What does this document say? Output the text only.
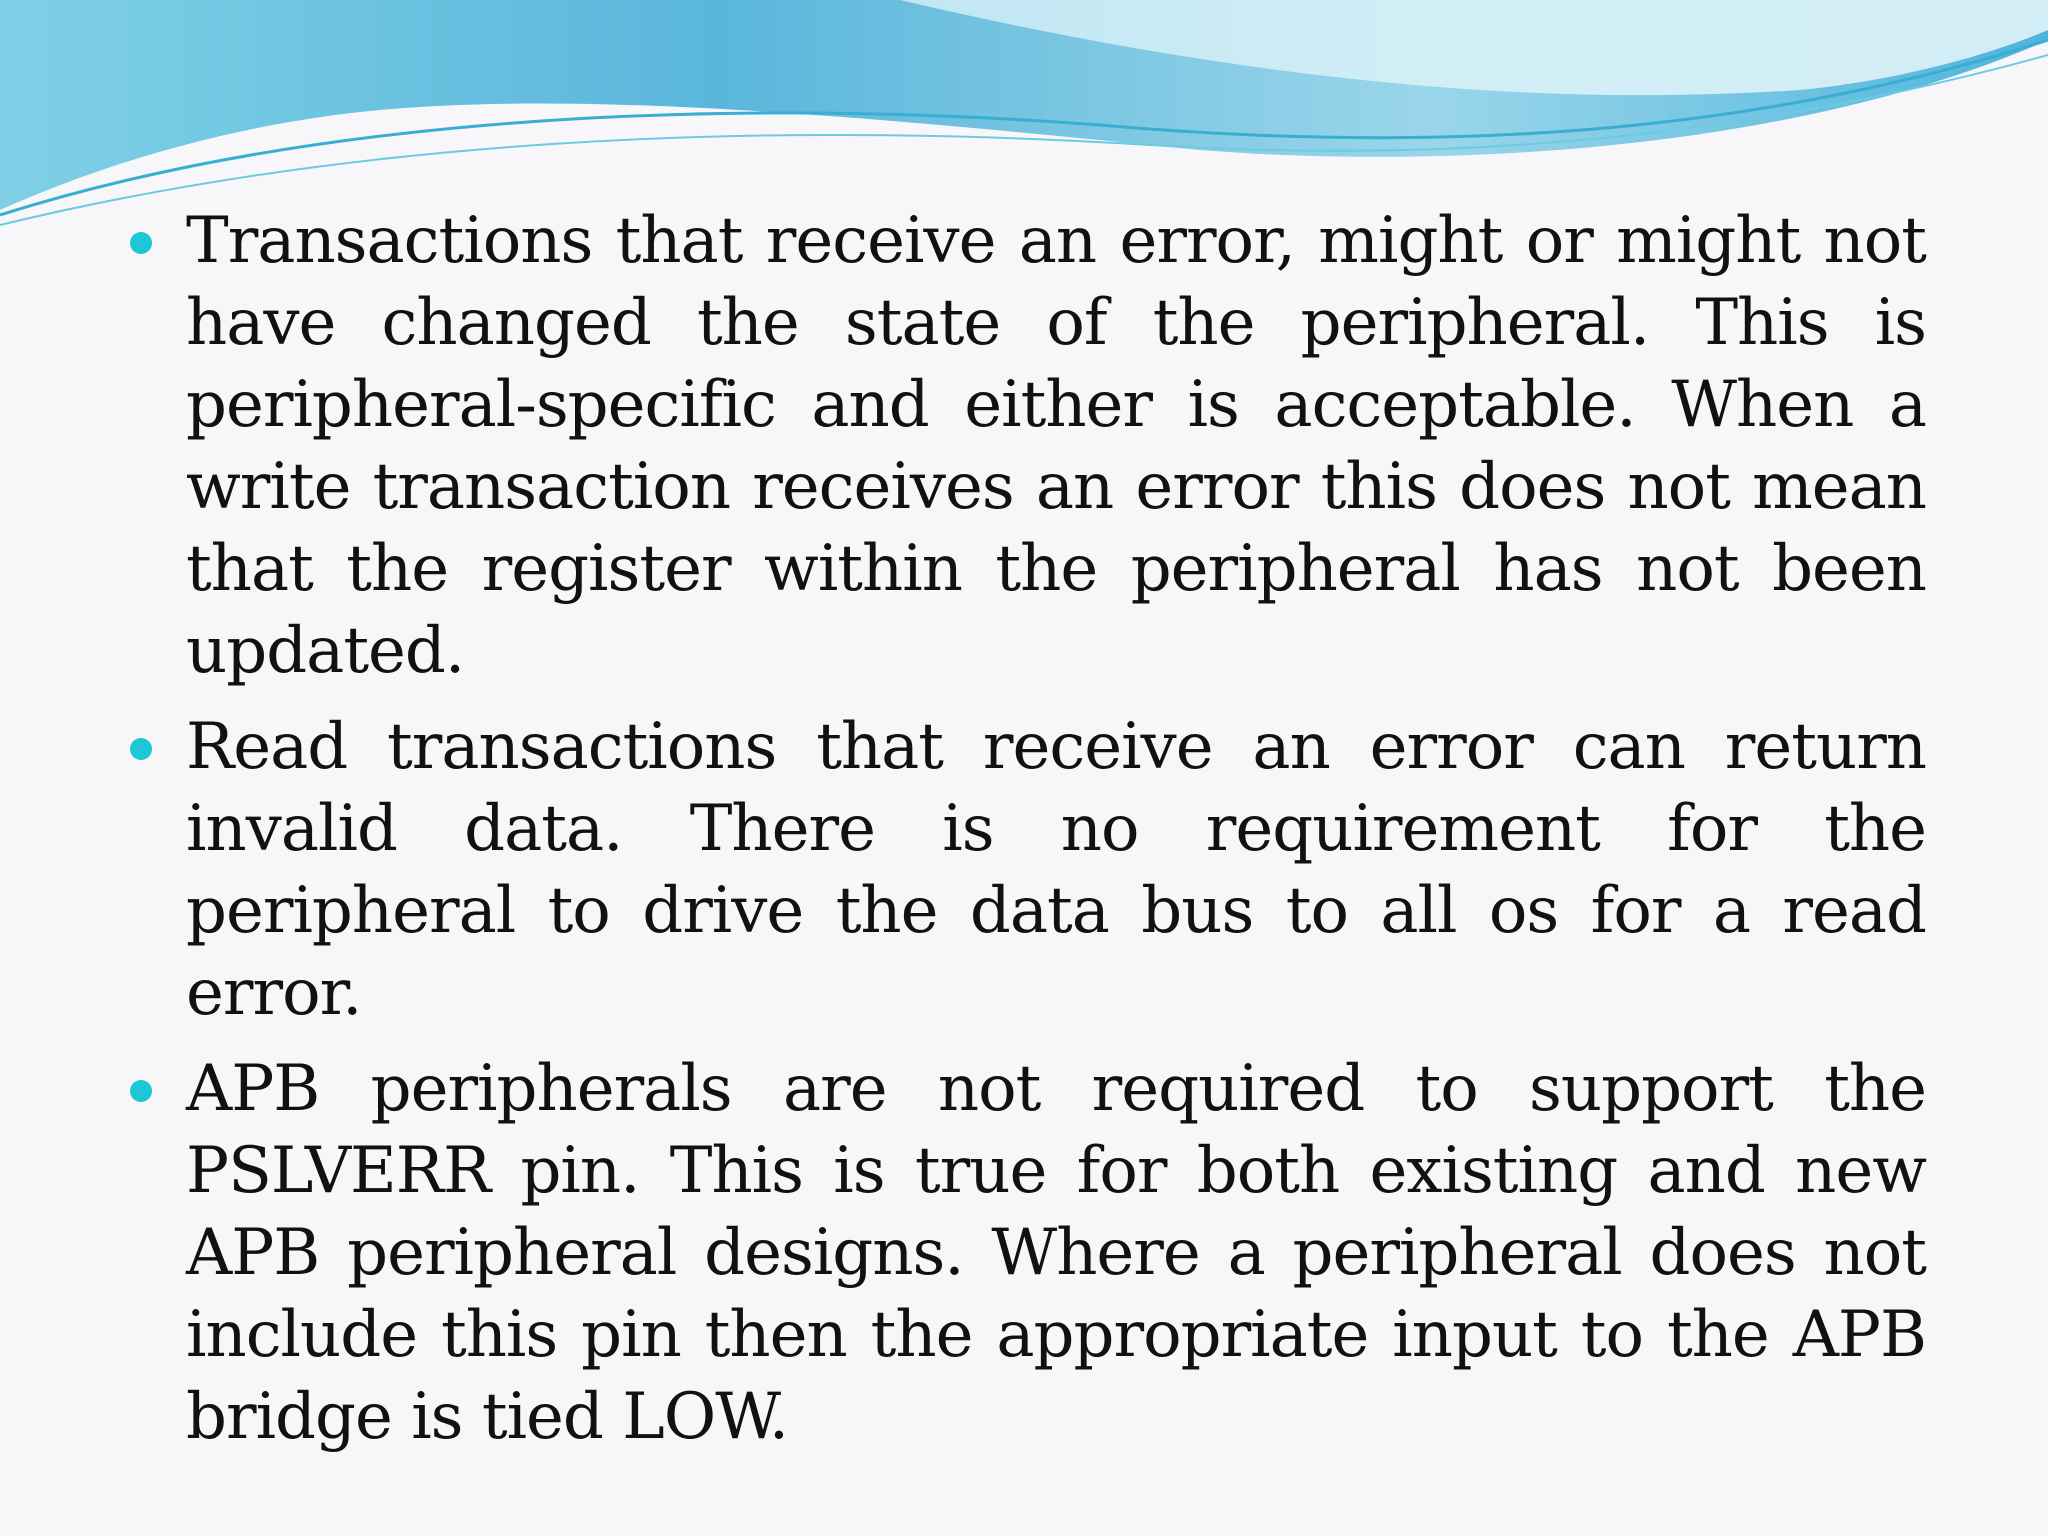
Transactions that receive an error, might or might not have changed the state of the peripheral. This is peripheral-specific and either is acceptable. When a write transaction receives an error this does not mean that the register within the peripheral has not been updated.
Read transactions that receive an error can return invalid data. There is no requirement for the peripheral to drive the data bus to all os for a read error.
APB peripherals are not required to support the PSLVERR pin. This is true for both existing and new APB peripheral designs. Where a peripheral does not include this pin then the appropriate input to the APB bridge is tied LOW.
